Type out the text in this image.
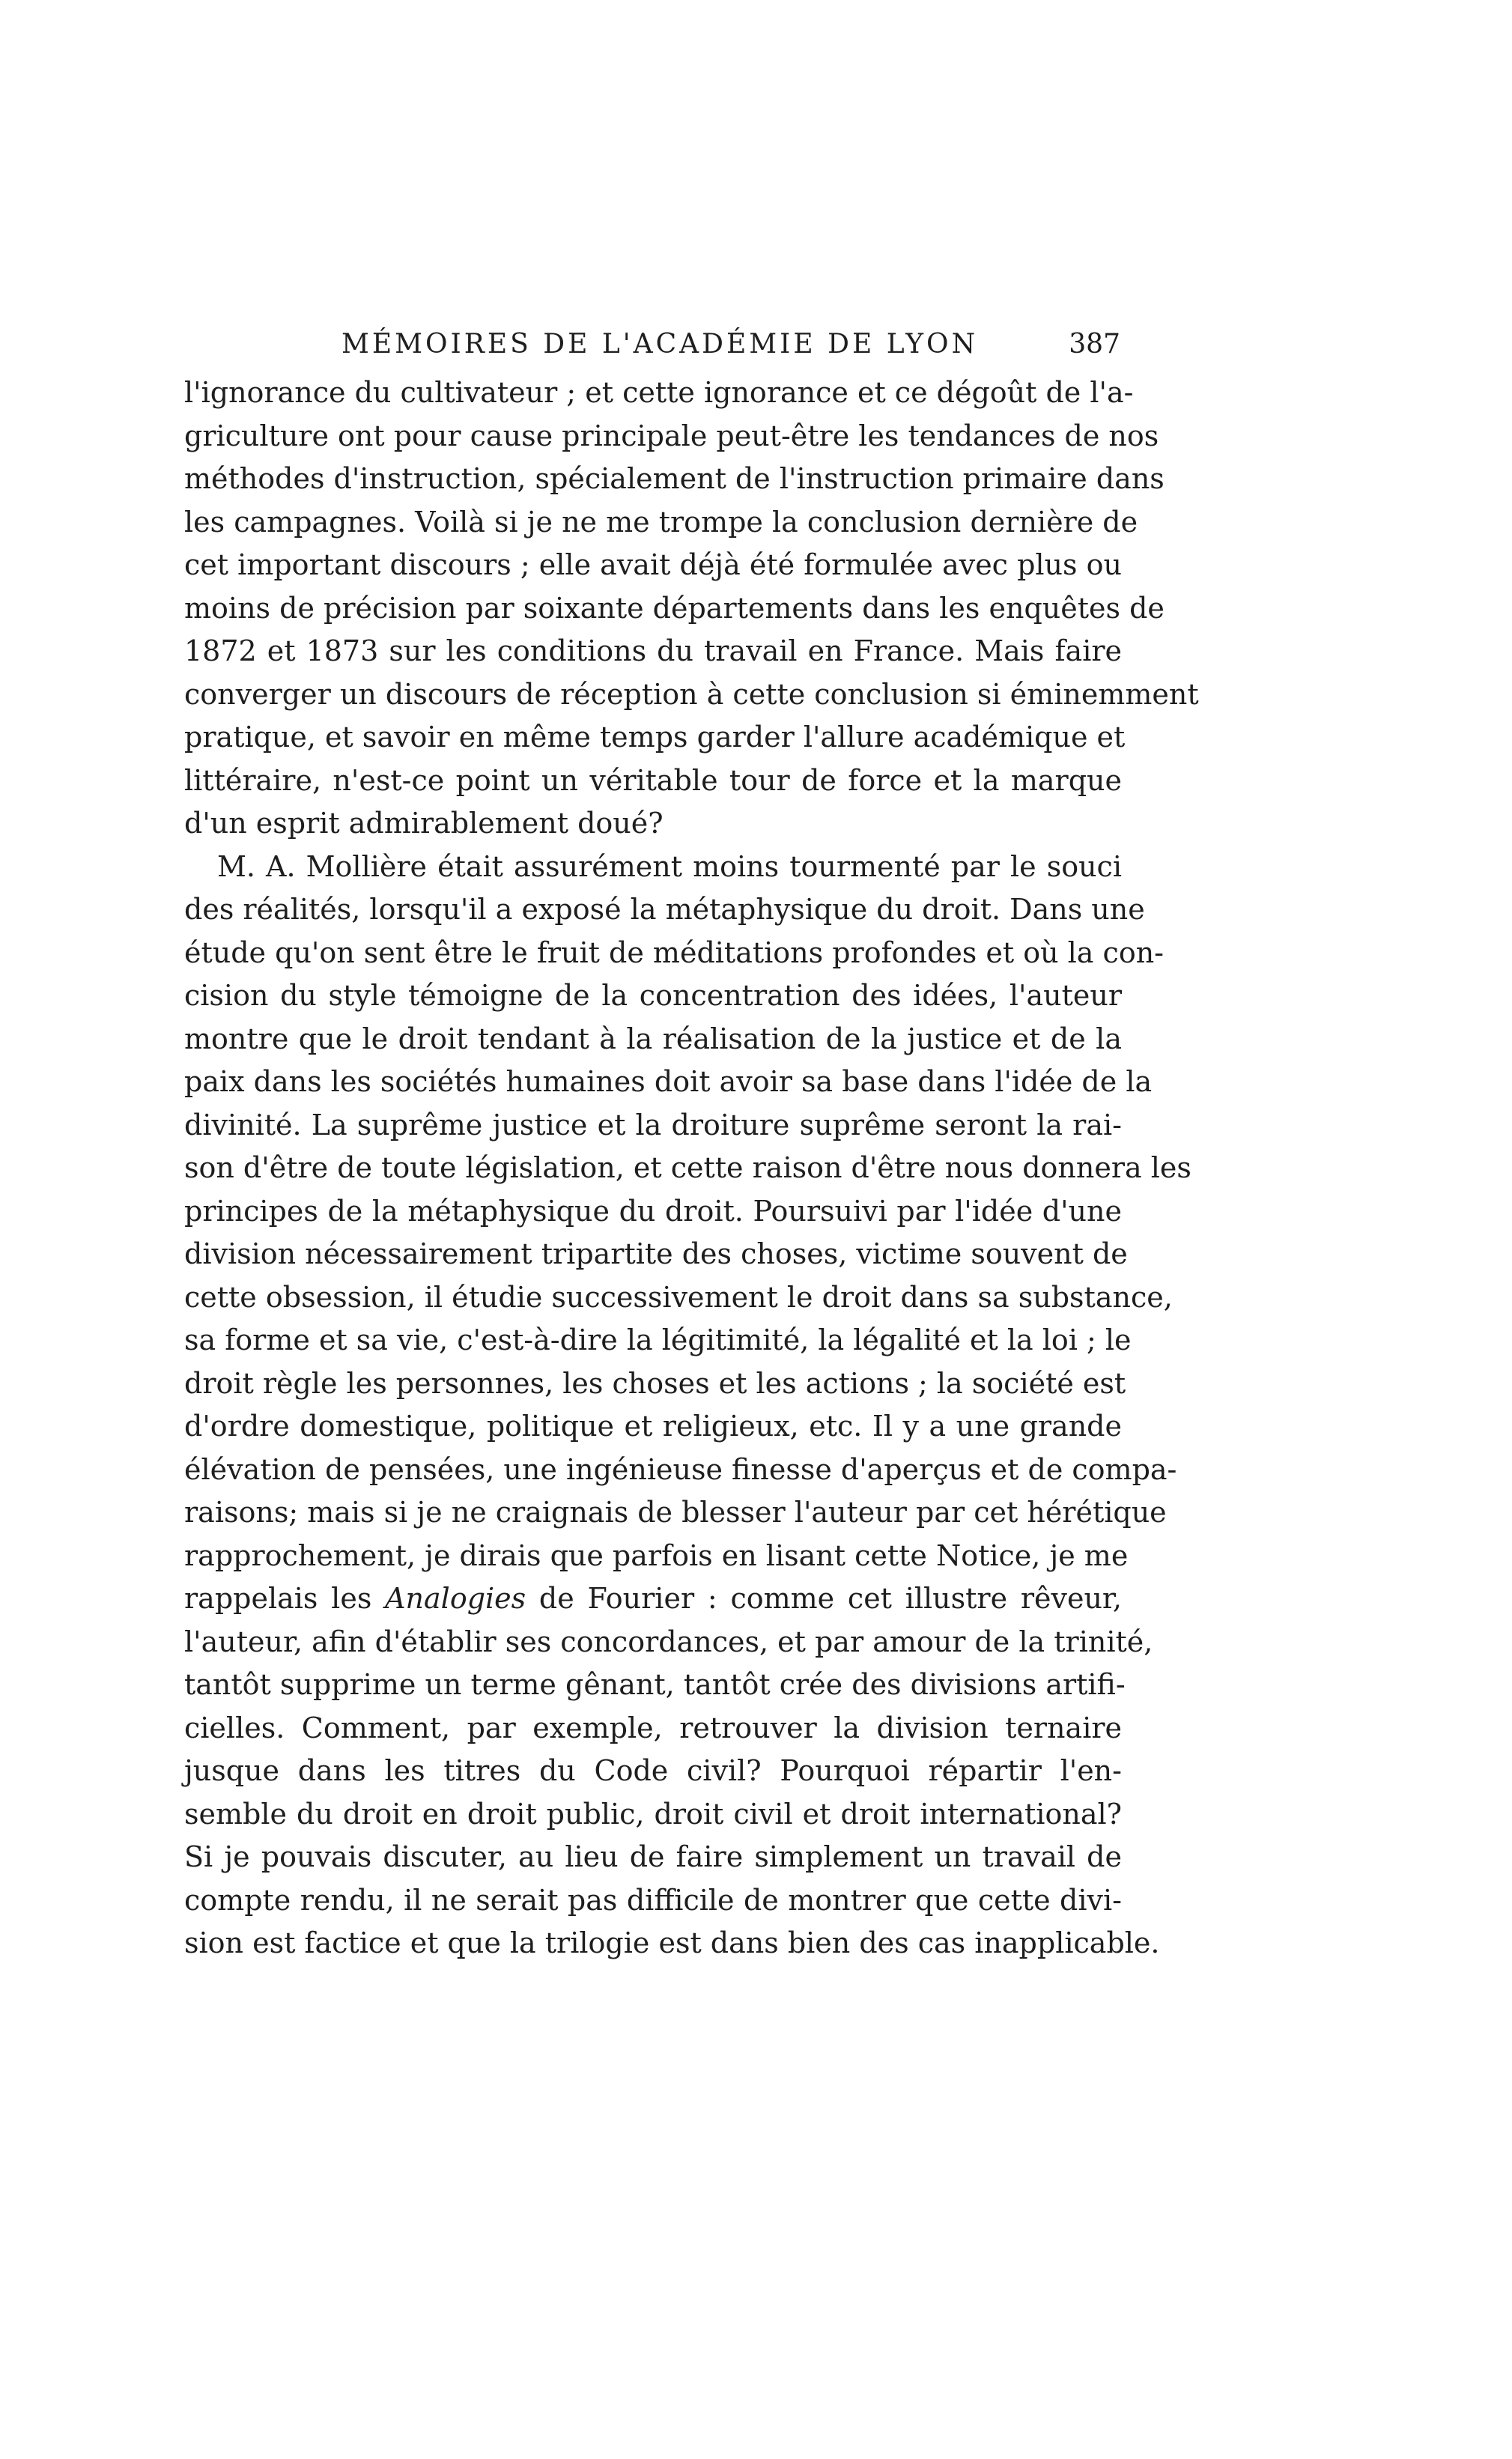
MÉMOIRES DE L'ACADÉMIE DE LYON	387
l'ignorance du cultivateur ; et cette ignorance et ce dégoût de l'a-
griculture ont pour cause principale peut-être les tendances de nos
méthodes d'instruction, spécialement de l'instruction primaire dans
les campagnes. Voilà si je ne me trompe la conclusion dernière de
cet important discours ; elle avait déjà été formulée avec plus ou
moins de précision par soixante départements dans les enquêtes de
1872 et 1873 sur les conditions du travail en France. Mais faire
converger un discours de réception à cette conclusion si éminemment
pratique, et savoir en même temps garder l'allure académique et
littéraire, n'est-ce point un véritable tour de force et la marque
d'un esprit admirablement doué?
M. A. Mollière était assurément moins tourmenté par le souci
des réalités, lorsqu'il a exposé la métaphysique du droit. Dans une
étude qu'on sent être le fruit de méditations profondes et où la con-
cision du style témoigne de la concentration des idées, l'auteur
montre que le droit tendant à la réalisation de la justice et de la
paix dans les sociétés humaines doit avoir sa base dans l'idée de la
divinité. La suprême justice et la droiture suprême seront la rai-
son d'être de toute législation, et cette raison d'être nous donnera les
principes de la métaphysique du droit. Poursuivi par l'idée d'une
division nécessairement tripartite des choses, victime souvent de
cette obsession, il étudie successivement le droit dans sa substance,
sa forme et sa vie, c'est-à-dire la légitimité, la légalité et la loi ; le
droit règle les personnes, les choses et les actions ; la société est
d'ordre domestique, politique et religieux, etc. Il y a une grande
élévation de pensées, une ingénieuse finesse d'aperçus et de compa-
raisons; mais si je ne craignais de blesser l'auteur par cet hérétique
rapprochement, je dirais que parfois en lisant cette Notice, je me
rappelais les Analogies de Fourier : comme cet illustre rêveur,
l'auteur, afin d'établir ses concordances, et par amour de la trinité,
tantôt supprime un terme gênant, tantôt crée des divisions artifi-
cielles. Comment, par exemple, retrouver la division ternaire
jusque dans les titres du Code civil? Pourquoi répartir l'en-
semble du droit en droit public, droit civil et droit international?
Si je pouvais discuter, au lieu de faire simplement un travail de
compte rendu, il ne serait pas difficile de montrer que cette divi-
sion est factice et que la trilogie est dans bien des cas inapplicable.
